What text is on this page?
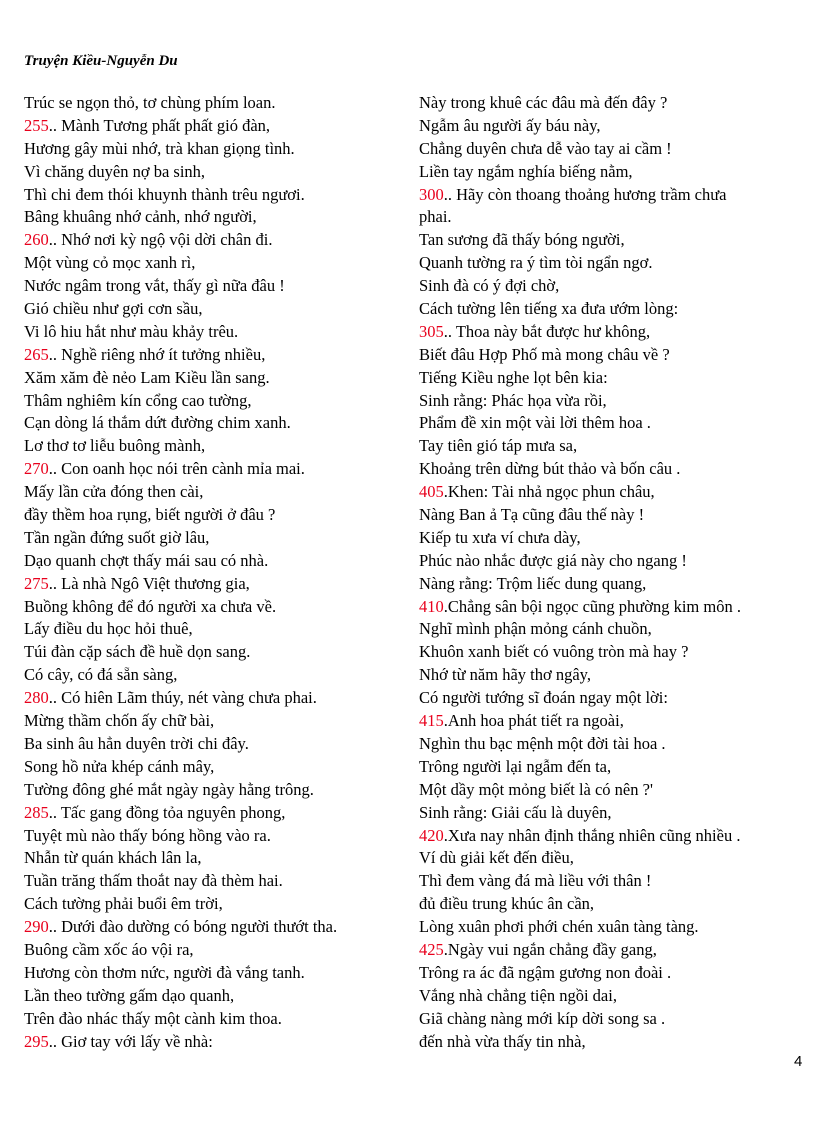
Truyện Kiều-Nguyễn Du
Trúc se ngọn thỏ, tơ chùng phím loan.
255.. Mành Tương phất phất gió đàn,
Hương gây mùi nhớ, trà khan giọng tình.
Vì chăng duyên nợ ba sinh,
Thì chi đem thói khuynh thành trêu ngươi.
Bâng khuâng nhớ cảnh, nhớ người,
260.. Nhớ nơi kỳ ngộ vội dời chân đi.
Một vùng cỏ mọc xanh rì,
Nước ngâm trong vắt, thấy gì nữa đâu !
Gió chiều như gợi cơn sầu,
Vi lô hiu hắt như màu khảy trêu.
265.. Nghề riêng nhớ ít tưởng nhiều,
Xăm xăm đè nẻo Lam Kiều lần sang.
Thâm nghiêm kín cổng cao tường,
Cạn dòng lá thắm dứt đường chim xanh.
Lơ thơ tơ liễu buông mành,
270.. Con oanh học nói trên cành mỉa mai.
Mấy lần cửa đóng then cài,
đầy thềm hoa rụng, biết người ở đâu ?
Tần ngần đứng suốt giờ lâu,
Dạo quanh chợt thấy mái sau có nhà.
275.. Là nhà Ngô Việt thương gia,
Buồng không để đó người xa chưa về.
Lấy điều du học hỏi thuê,
Túi đàn cặp sách đề huề dọn sang.
Có cây, có đá sẵn sàng,
280.. Có hiên Lãm thúy, nét vàng chưa phai.
Mừng thầm chốn ấy chữ bài,
Ba sinh âu hẳn duyên trời chi đây.
Song hồ nửa khép cánh mây,
Tường đông ghé mắt ngày ngày hằng trông.
285.. Tấc gang đồng tỏa nguyên phong,
Tuyệt mù nào thấy bóng hồng vào ra.
Nhẫn từ quán khách lân la,
Tuần trăng thấm thoắt nay đà thèm hai.
Cách tường phải buổi êm trời,
290.. Dưới đào dường có bóng người thướt tha.
Buông cầm xốc áo vội ra,
Hương còn thơm nức, người đà vắng tanh.
Lần theo tường gấm dạo quanh,
Trên đào nhác thấy một cành kim thoa.
295.. Giơ tay với lấy về nhà:
Này trong khuê các đâu mà đến đây ?
Ngẫm âu người ấy báu này,
Chẳng duyên chưa dễ vào tay ai cầm !
Liền tay ngắm nghía biếng nằm,
300.. Hãy còn thoang thoảng hương trầm chưa
phai.
Tan sương đã thấy bóng người,
Quanh tường ra ý tìm tòi ngẩn ngơ.
Sinh đà có ý đợi chờ,
Cách tường lên tiếng xa đưa ướm lòng:
305.. Thoa này bắt được hư không,
Biết đâu Hợp Phố mà mong châu về ?
Tiếng Kiều nghe lọt bên kia:
Sinh rằng: Phác họa vừa rồi,
Phẩm đề xin một vài lời thêm hoa .
Tay tiên gió táp mưa sa,
Khoảng trên dừng bút thảo và bốn câu .
405.Khen: Tài nhả ngọc phun châu,
Nàng Ban ả Tạ cũng đâu thế này !
Kiếp tu xưa ví chưa dày,
Phúc nào nhắc được giá này cho ngang !
Nàng rằng: Trộm liếc dung quang,
410.Chẳng sân bội ngọc cũng phường kim môn .
Nghĩ mình phận mỏng cánh chuồn,
Khuôn xanh biết có vuông tròn mà hay ?
Nhớ từ năm hãy thơ ngây,
Có người tướng sĩ đoán ngay một lời:
415.Anh hoa phát tiết ra ngoài,
Nghìn thu bạc mệnh một đời tài hoa .
Trông người lại ngẫm đến ta,
Một dầy một mỏng biết là có nên ?'
Sinh rằng: Giải cấu là duyên,
420.Xưa nay nhân định thắng nhiên cũng nhiều .
Ví dù giải kết đến điều,
Thì đem vàng đá mà liều với thân !
đủ điều trung khúc ân cần,
Lòng xuân phơi phới chén xuân tàng tàng.
425.Ngày vui ngắn chẳng đầy gang,
Trông ra ác đã ngậm gương non đoài .
Vắng nhà chẳng tiện ngồi dai,
Giã chàng nàng mới kíp dời song sa .
đến nhà vừa thấy tin nhà,
4
